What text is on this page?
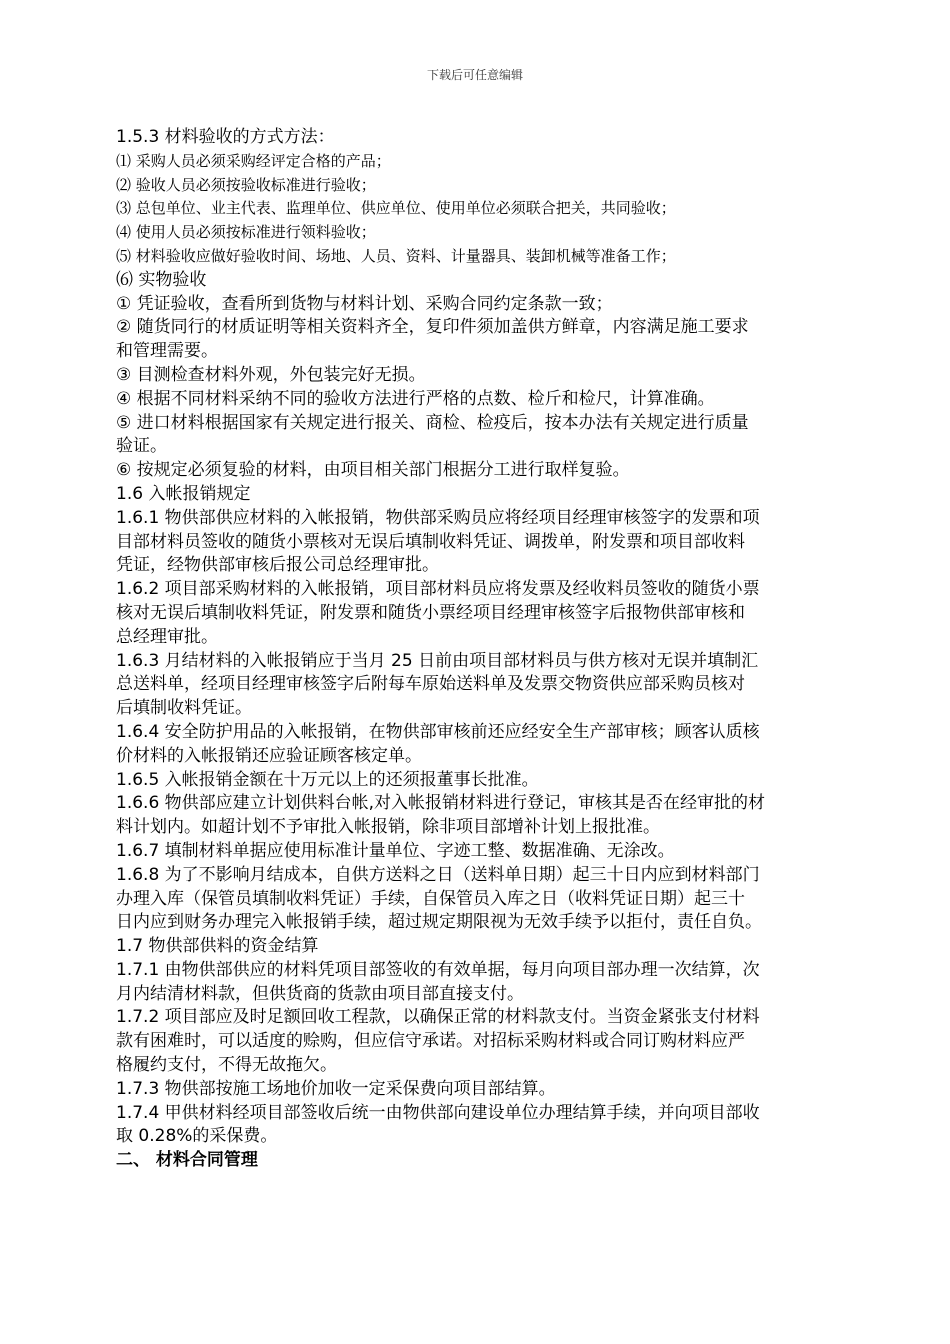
下载后可任意编辑

1.5.3 材料验收的方式方法：

⑴ 采购人员必须采购经评定合格的产品；

⑵ 验收人员必须按验收标准进行验收；

⑶ 总包单位、业主代表、监理单位、供应单位、使用单位必须联合把关，共同验收；

⑷ 使用人员必须按标准进行领料验收；

⑸ 材料验收应做好验收时间、场地、人员、资料、计量器具、装卸机械等准备工作；

⑹ 实物验收

① 凭证验收，查看所到货物与材料计划、采购合同约定条款一致；

② 随货同行的材质证明等相关资料齐全，复印件须加盖供方鲜章，内容满足施工要求

和管理需要。

③ 目测检查材料外观，外包装完好无损。

④ 根据不同材料采纳不同的验收方法进行严格的点数、检斤和检尺，计算准确。

⑤ 进口材料根据国家有关规定进行报关、商检、检疫后，按本办法有关规定进行质量

验证。

⑥ 按规定必须复验的材料，由项目相关部门根据分工进行取样复验。

1.6 入帐报销规定

1.6.1 物供部供应材料的入帐报销，物供部采购员应将经项目经理审核签字的发票和项

目部材料员签收的随货小票核对无误后填制收料凭证、调拨单，附发票和项目部收料

凭证，经物供部审核后报公司总经理审批。

1.6.2 项目部采购材料的入帐报销，项目部材料员应将发票及经收料员签收的随货小票

核对无误后填制收料凭证，附发票和随货小票经项目经理审核签字后报物供部审核和

总经理审批。

1.6.3 月结材料的入帐报销应于当月 25 日前由项目部材料员与供方核对无误并填制汇

总送料单，经项目经理审核签字后附每车原始送料单及发票交物资供应部采购员核对

后填制收料凭证。

1.6.4 安全防护用品的入帐报销，在物供部审核前还应经安全生产部审核；顾客认质核

价材料的入帐报销还应验证顾客核定单。

1.6.5 入帐报销金额在十万元以上的还须报董事长批准。

1.6.6 物供部应建立计划供料台帐,对入帐报销材料进行登记，审核其是否在经审批的材

料计划内。如超计划不予审批入帐报销，除非项目部增补计划上报批准。

1.6.7 填制材料单据应使用标准计量单位、字迹工整、数据准确、无涂改。

1.6.8 为了不影响月结成本，自供方送料之日（送料单日期）起三十日内应到材料部门

办理入库（保管员填制收料凭证）手续，自保管员入库之日（收料凭证日期）起三十

日内应到财务办理完入帐报销手续，超过规定期限视为无效手续予以拒付，责任自负。

1.7 物供部供料的资金结算

1.7.1 由物供部供应的材料凭项目部签收的有效单据，每月向项目部办理一次结算，次

月内结清材料款，但供货商的货款由项目部直接支付。

1.7.2 项目部应及时足额回收工程款，以确保正常的材料款支付。当资金紧张支付材料

款有困难时，可以适度的赊购，但应信守承诺。对招标采购材料或合同订购材料应严

格履约支付，不得无故拖欠。

1.7.3 物供部按施工场地价加收一定采保费向项目部结算。

1.7.4 甲供材料经项目部签收后统一由物供部向建设单位办理结算手续，并向项目部收

取 0.28%的采保费。

二、 材料合同管理
